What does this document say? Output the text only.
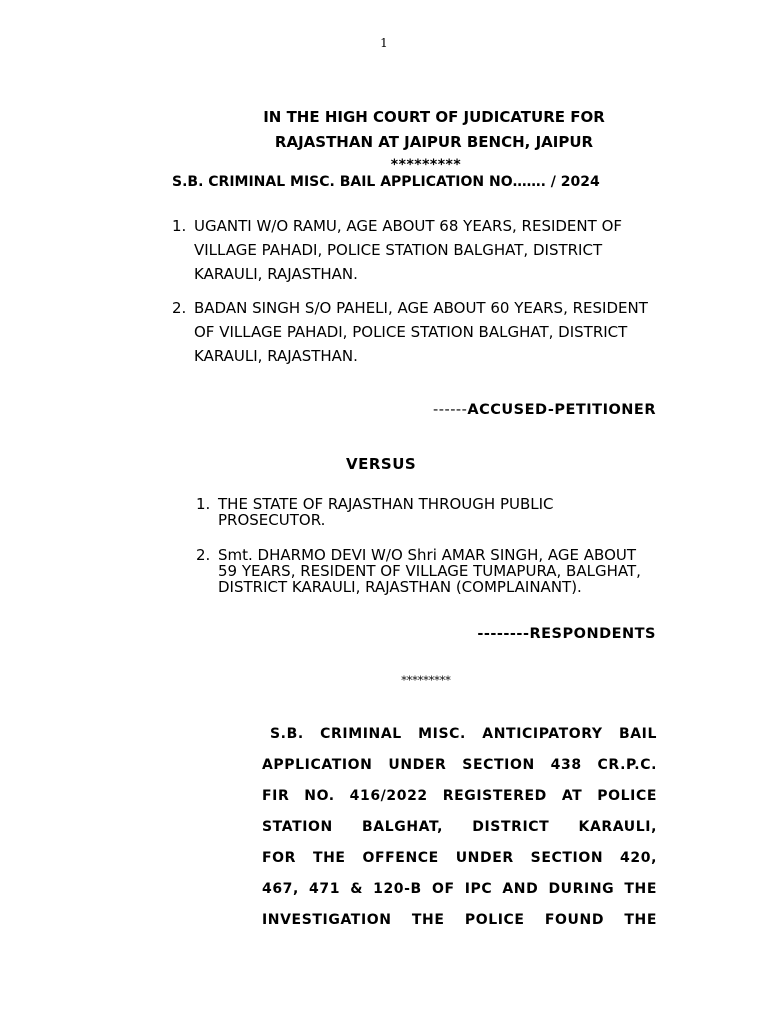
1
IN THE HIGH COURT OF JUDICATURE FOR
RAJASTHAN AT JAIPUR BENCH, JAIPUR
*********
S.B. CRIMINAL MISC. BAIL APPLICATION NO……. / 2024
1. UGANTI W/O RAMU, AGE ABOUT 68 YEARS, RESIDENT OF VILLAGE PAHADI, POLICE STATION BALGHAT, DISTRICT KARAULI, RAJASTHAN.
2. BADAN SINGH S/O PAHELI, AGE ABOUT 60 YEARS, RESIDENT OF VILLAGE PAHADI, POLICE STATION BALGHAT, DISTRICT KARAULI, RAJASTHAN.
------ACCUSED-PETITIONER
VERSUS
1. THE STATE OF RAJASTHAN THROUGH PUBLIC PROSECUTOR.
2. Smt. DHARMO DEVI W/O Shri AMAR SINGH, AGE ABOUT 59 YEARS, RESIDENT OF VILLAGE TUMAPURA, BALGHAT, DISTRICT KARAULI, RAJASTHAN (COMPLAINANT).
--------RESPONDENTS
*********
S.B. CRIMINAL MISC. ANTICIPATORY BAIL
APPLICATION UNDER SECTION 438 CR.P.C.
FIR NO. 416/2022 REGISTERED AT POLICE
STATION BALGHAT, DISTRICT KARAULI,
FOR THE OFFENCE UNDER SECTION 420,
467, 471 & 120-B OF IPC AND DURING THE
INVESTIGATION THE POLICE FOUND THE
